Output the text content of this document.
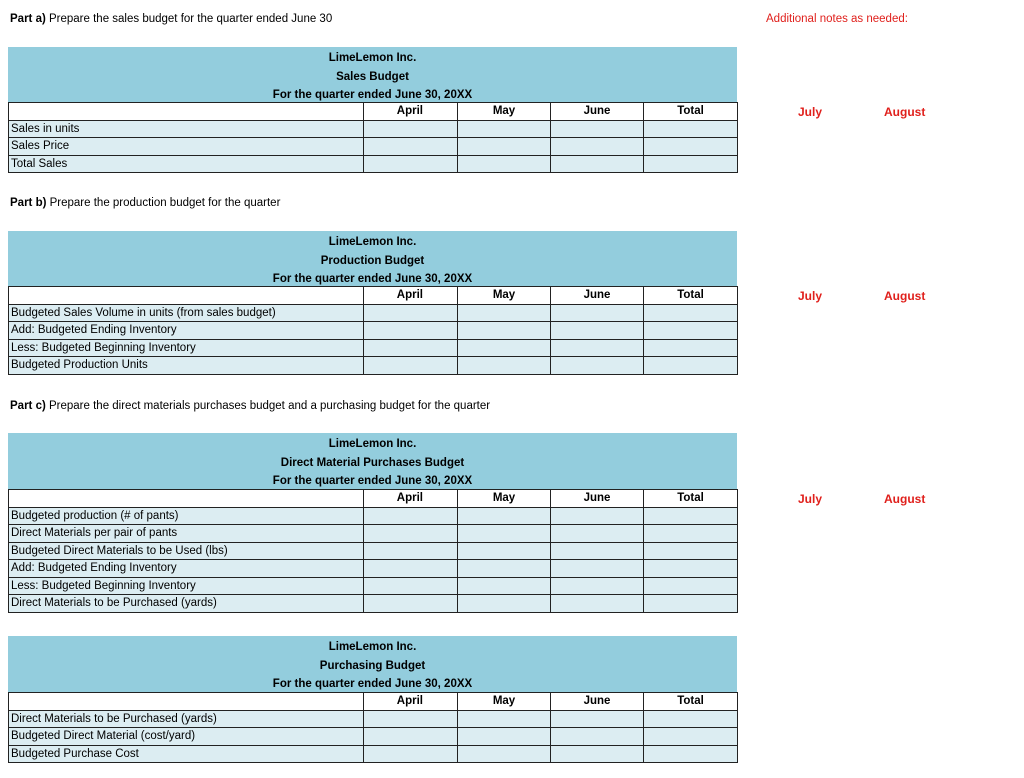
Part a) Prepare the sales budget for the quarter ended June 30	Additional notes as needed:
Part b) Prepare the production budget for the quarter
Part c) Prepare the direct materials purchases budget and a purchasing budget for the quarter
LimeLemon Inc.
Sales Budget
For the quarter ended June 30, 20XX
	April	May	June	Total
Sales in units				
Sales Price				
Total Sales				
July	August
LimeLemon Inc.
Production Budget
For the quarter ended June 30, 20XX
	April	May	June	Total
Budgeted Sales Volume in units (from sales budget)				
Add: Budgeted Ending Inventory				
Less: Budgeted Beginning Inventory				
Budgeted Production Units				
July	August
LimeLemon Inc.
Direct Material Purchases Budget
For the quarter ended June 30, 20XX
	April	May	June	Total
Budgeted production (# of pants)				
Direct Materials per pair of pants				
Budgeted Direct Materials to be Used (lbs)				
Add: Budgeted Ending Inventory				
Less: Budgeted Beginning Inventory				
Direct Materials to be Purchased (yards)				
July	August
LimeLemon Inc.
Purchasing Budget
For the quarter ended June 30, 20XX
	April	May	June	Total
Direct Materials to be Purchased (yards)				
Budgeted Direct Material (cost/yard)				
Budgeted Purchase Cost				
